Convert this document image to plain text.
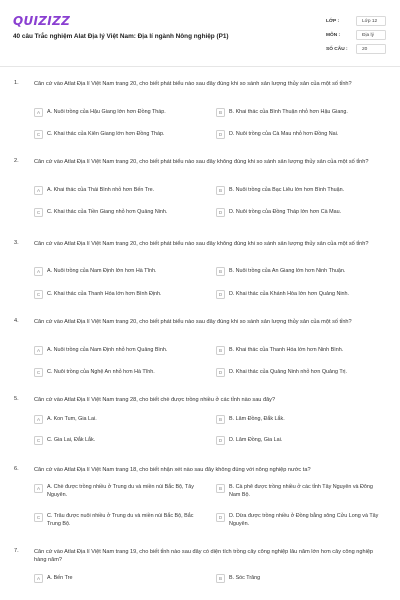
QUIZIZZ
40 câu Trắc nghiệm Alat Địa lý Việt Nam: Địa lí ngành Nông nghiệp (P1)
LỚP :	Lớp 12
MÔN :	Địa lý
SỐ CÂU :	20
1.	Căn cứ vào Atlat Địa lí Việt Nam trang 20, cho biết phát biểu nào sau đây đúng khi so sánh sản lượng thủy sản của một số tỉnh?
A	A. Nuôi trồng của Hậu Giang lớn hơn Đồng Tháp.	B	B. Khai thác của Bình Thuận nhỏ hơn Hậu Giang.
C	C. Khai thác của Kiên Giang lớn hơn Đồng Tháp.	D	D. Nuôi trồng của Cà Mau nhỏ hơn Đồng Nai.
2.	Căn cứ vào Atlat Địa lí Việt Nam trang 20, cho biết phát biểu nào sau đây không đúng khi so sánh sản lượng thủy sản của một số tỉnh?
A	A. Khai thác của Thái Bình nhỏ hơn Bến Tre.	B	B. Nuôi trồng của Bạc Liêu lớn hơn Bình Thuận.
C	C. Khai thác của Tiền Giang nhỏ hơn Quảng Ninh.	D	D. Nuôi trồng của Đồng Tháp lớn hơn Cà Mau.
3.	Căn cứ vào Atlat Địa lí Việt Nam trang 20, cho biết phát biểu nào sau đây không đúng khi so sánh sản lượng thủy sản của một số tỉnh?
A	A. Nuôi trồng của Nam Định lớn hơn Hà Tĩnh.	B	B. Nuôi trồng của An Giang lớn hơn Ninh Thuận.
C	C. Khai thác của Thanh Hóa lớn hơn Bình Định.	D	D. Khai thác của Khánh Hòa lớn hơn Quảng Ninh.
4.	Căn cứ vào Atlat Địa lí Việt Nam trang 20, cho biết phát biểu nào sau đây đúng khi so sánh sản lượng thủy sản của một số tỉnh?
A	A. Nuôi trồng của Nam Định nhỏ hơn Quảng Bình.	B	B. Khai thác của Thanh Hóa lớn hơn Ninh Bình.
C	C. Nuôi trồng của Nghệ An nhỏ hơn Hà Tĩnh.	D	D. Khai thác của Quảng Ninh nhỏ hơn Quảng Trị.
5.	Căn cứ vào Atlat Địa lí Việt Nam trang 28, cho biết chè được trồng nhiều ở các tỉnh nào sau đây?
A	A. Kon Tum, Gia Lai.	B	B. Lâm Đồng, Đắk Lắk.
C	C. Gia Lai, Đắk Lắk.	D	D. Lâm Đồng, Gia Lai.
6.	Căn cứ vào Atlat Địa lí Việt Nam trang 18, cho biết nhận xét nào sau đây không đúng với nông nghiệp nước ta?
A	A. Chè được trồng nhiều ở Trung du và miền núi Bắc Bộ, Tây Nguyên.
B	B. Cà phê được trồng nhiều ở các tỉnh Tây Nguyên và Đông Nam Bộ.
C	C. Trâu được nuôi nhiều ở Trung du và miền núi Bắc Bộ, Bắc Trung Bộ.
D	D. Dừa được trồng nhiều ở Đồng bằng sông Cửu Long và Tây Nguyên.
7.	Căn cứ vào Atlat Địa lí Việt Nam trang 19, cho biết tỉnh nào sau đây có diện tích trồng cây công nghiệp lâu năm lớn hơn cây công nghiệp hàng năm?
A	A. Bến Tre	B	B. Sóc Trăng
